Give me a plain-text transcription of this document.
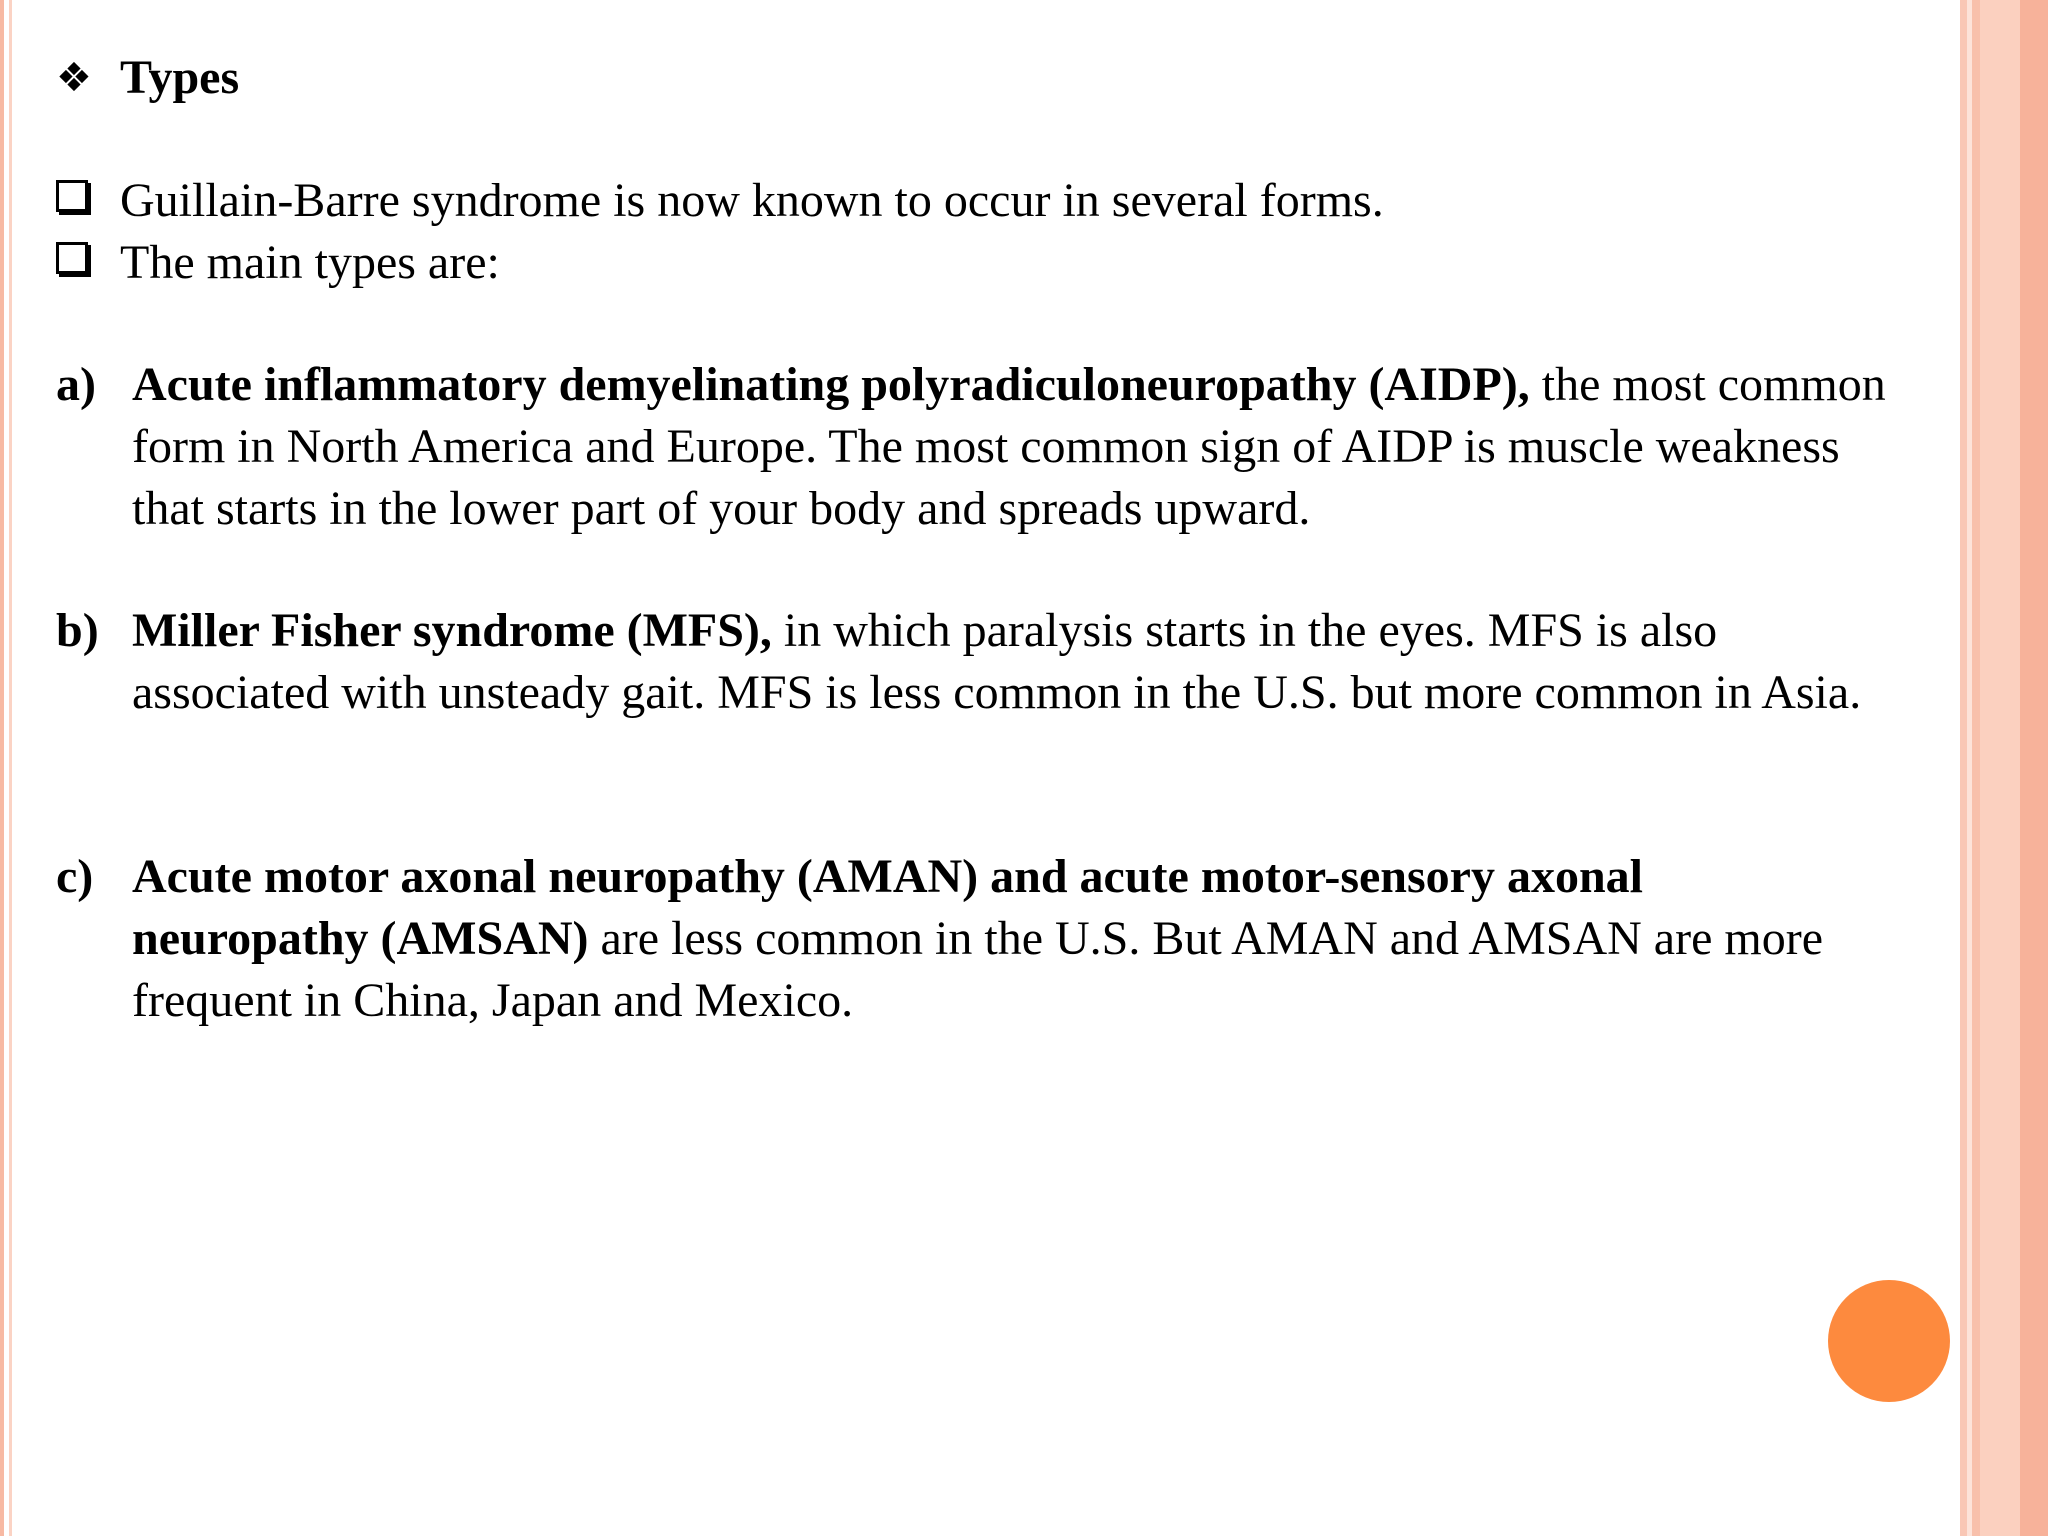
❖ Types
Guillain-Barre syndrome is now known to occur in several forms.
The main types are:
a) Acute inflammatory demyelinating polyradiculoneuropathy (AIDP), the most common form in North America and Europe. The most common sign of AIDP is muscle weakness that starts in the lower part of your body and spreads upward.
b) Miller Fisher syndrome (MFS), in which paralysis starts in the eyes. MFS is also associated with unsteady gait. MFS is less common in the U.S. but more common in Asia.
c) Acute motor axonal neuropathy (AMAN) and acute motor-sensory axonal neuropathy (AMSAN) are less common in the U.S. But AMAN and AMSAN are more frequent in China, Japan and Mexico.
